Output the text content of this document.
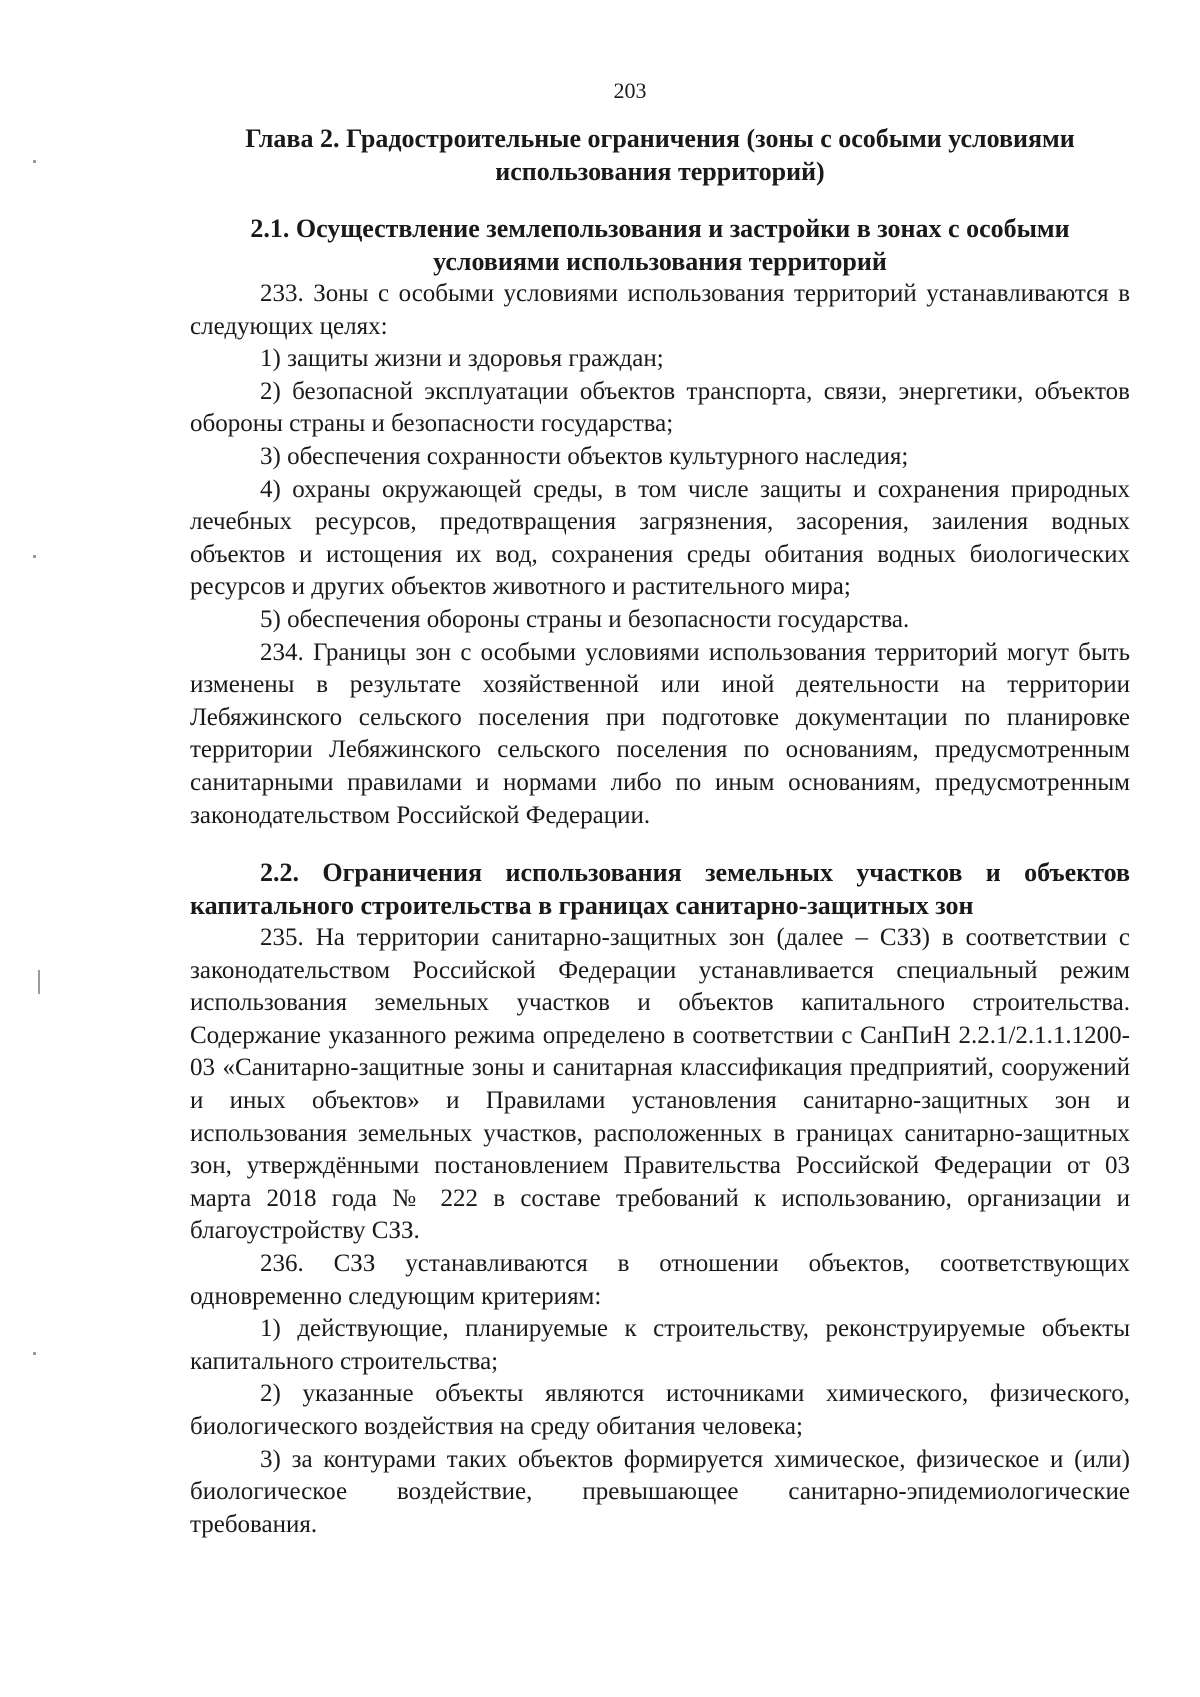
203
Глава 2. Градостроительные ограничения (зоны с особыми условиями использования территорий)
2.1. Осуществление землепользования и застройки в зонах с особыми условиями использования территорий

233. Зоны с особыми условиями использования территорий устанавливаются в следующих целях:

1) защиты жизни и здоровья граждан;

2) безопасной эксплуатации объектов транспорта, связи, энергетики, объектов обороны страны и безопасности государства;

3) обеспечения сохранности объектов культурного наследия;

4) охраны окружающей среды, в том числе защиты и сохранения природных лечебных ресурсов, предотвращения загрязнения, засорения, заиления водных объектов и истощения их вод, сохранения среды обитания водных биологических ресурсов и других объектов животного и растительного мира;

5) обеспечения обороны страны и безопасности государства.

234. Границы зон с особыми условиями использования территорий могут быть изменены в результате хозяйственной или иной деятельности на территории Лебяжинского сельского поселения при подготовке документации по планировке территории Лебяжинского сельского поселения по основаниям, предусмотренным санитарными правилами и нормами либо по иным основаниям, предусмотренным законодательством Российской Федерации.

2.2. Ограничения использования земельных участков и объектов капитального строительства в границах санитарно-защитных зон

235. На территории санитарно-защитных зон (далее – СЗЗ) в соответствии с законодательством Российской Федерации устанавливается специальный режим использования земельных участков и объектов капитального строительства. Содержание указанного режима определено в соответствии с СанПиН 2.2.1/2.1.1.1200-03 «Санитарно-защитные зоны и санитарная классификация предприятий, сооружений и иных объектов» и Правилами установления санитарно-защитных зон и использования земельных участков, расположенных в границах санитарно-защитных зон, утверждёнными постановлением Правительства Российской Федерации от 03 марта 2018 года № 222 в составе требований к использованию, организации и благоустройству СЗЗ.

236. СЗЗ устанавливаются в отношении объектов, соответствующих одновременно следующим критериям:

1) действующие, планируемые к строительству, реконструируемые объекты капитального строительства;

2) указанные объекты являются источниками химического, физического, биологического воздействия на среду обитания человека;

3) за контурами таких объектов формируется химическое, физическое и (или) биологическое воздействие, превышающее санитарно-эпидемиологические требования.
